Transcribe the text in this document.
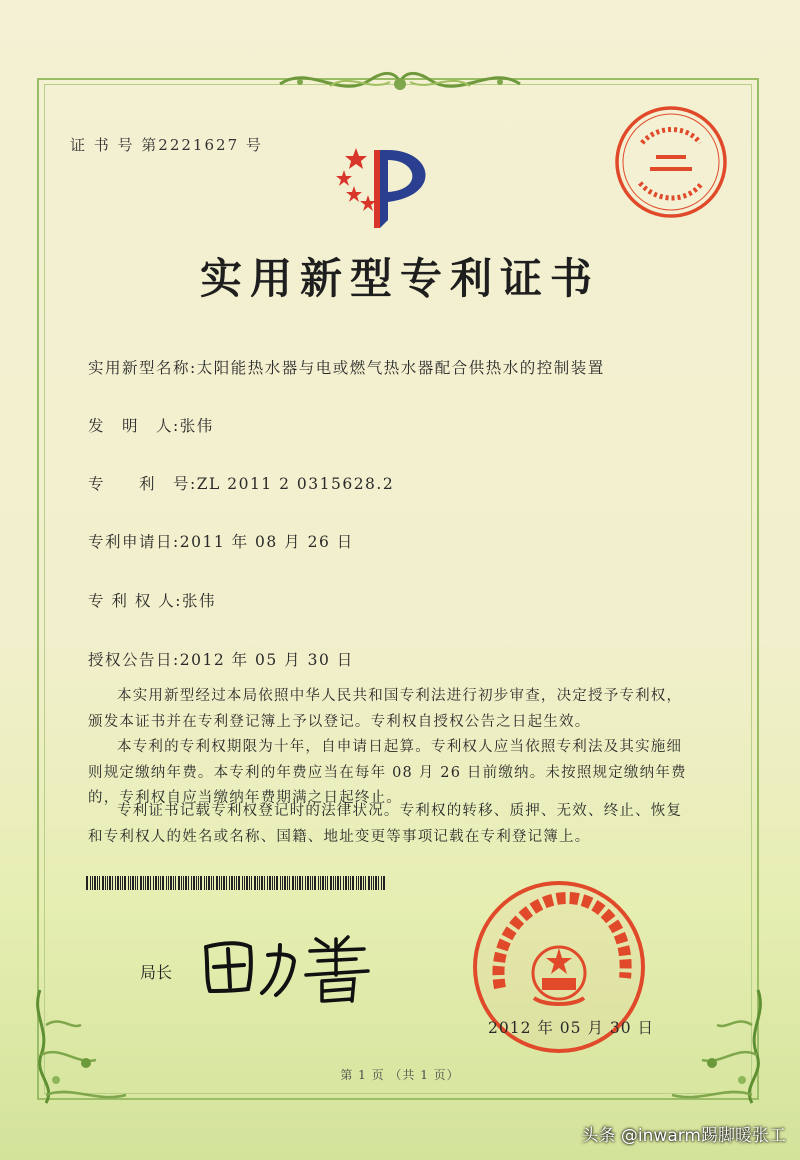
证 书 号 第2221627 号
实用新型专利证书
实用新型名称:太阳能热水器与电或燃气热水器配合供热水的控制装置
发　明　人:张伟
专　　利　号:ZL 2011 2 0315628.2
专利申请日:2011 年 08 月 26 日
专 利 权 人:张伟
授权公告日:2012 年 05 月 30 日
本实用新型经过本局依照中华人民共和国专利法进行初步审查，决定授予专利权，颁发本证书并在专利登记簿上予以登记。专利权自授权公告之日起生效。
本专利的专利权期限为十年，自申请日起算。专利权人应当依照专利法及其实施细则规定缴纳年费。本专利的年费应当在每年 08 月 26 日前缴纳。未按照规定缴纳年费的，专利权自应当缴纳年费期满之日起终止。
专利证书记载专利权登记时的法律状况。专利权的转移、质押、无效、终止、恢复和专利权人的姓名或名称、国籍、地址变更等事项记载在专利登记簿上。
局长
2012 年 05 月 30 日
第 1 页 （共 1 页）
头条 @inwarm踢脚暖张工
